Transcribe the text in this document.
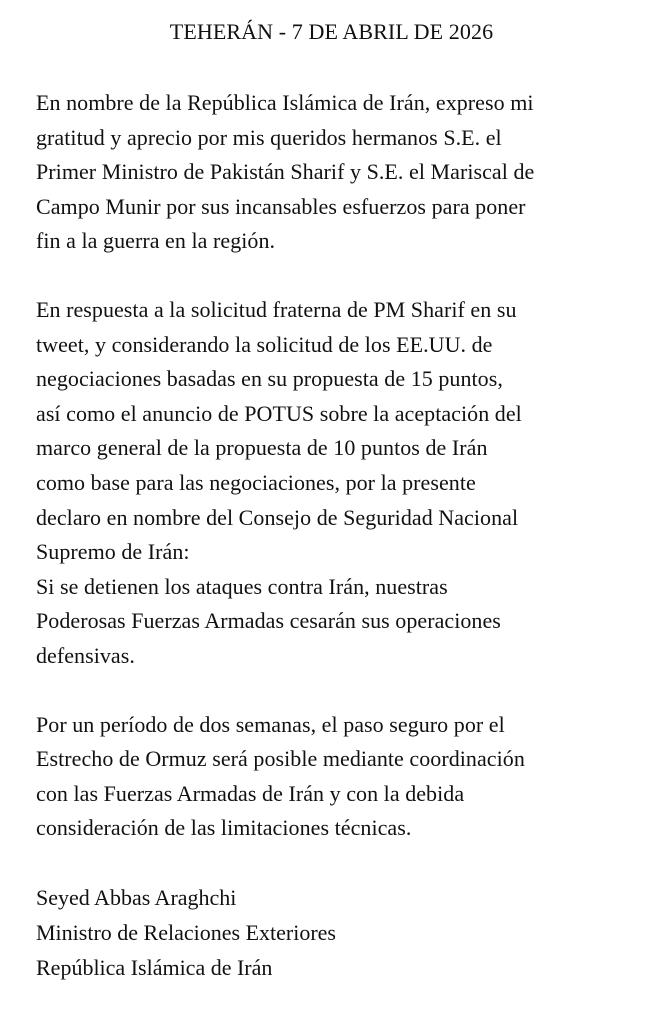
TEHERÁN - 7 DE ABRIL DE 2026
En nombre de la República Islámica de Irán, expreso mi
gratitud y aprecio por mis queridos hermanos S.E. el
Primer Ministro de Pakistán Sharif y S.E. el Mariscal de
Campo Munir por sus incansables esfuerzos para poner
fin a la guerra en la región.
En respuesta a la solicitud fraterna de PM Sharif en su
tweet, y considerando la solicitud de los EE.UU. de
negociaciones basadas en su propuesta de 15 puntos,
así como el anuncio de POTUS sobre la aceptación del
marco general de la propuesta de 10 puntos de Irán
como base para las negociaciones, por la presente
declaro en nombre del Consejo de Seguridad Nacional
Supremo de Irán:
Si se detienen los ataques contra Irán, nuestras
Poderosas Fuerzas Armadas cesarán sus operaciones
defensivas.
Por un período de dos semanas, el paso seguro por el
Estrecho de Ormuz será posible mediante coordinación
con las Fuerzas Armadas de Irán y con la debida
consideración de las limitaciones técnicas.
Seyed Abbas Araghchi
Ministro de Relaciones Exteriores
República Islámica de Irán
